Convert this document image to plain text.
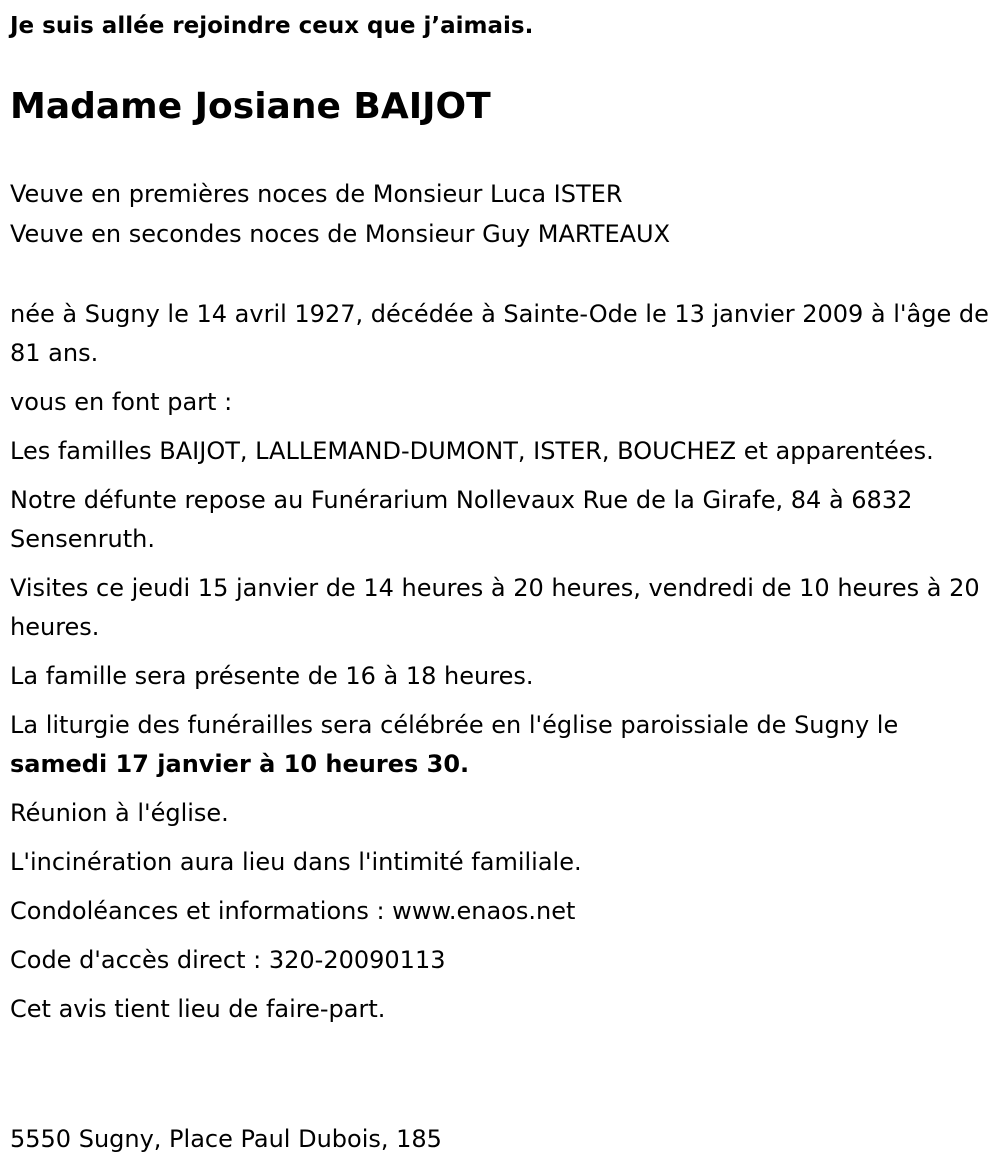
Je suis allée rejoindre ceux que j’aimais.
Madame Josiane BAIJOT
Veuve en premières noces de Monsieur Luca ISTER
Veuve en secondes noces de Monsieur Guy MARTEAUX

née à Sugny le 14 avril 1927, décédée à Sainte-Ode le 13 janvier 2009 à l'âge de 81 ans.

vous en font part :

Les familles BAIJOT, LALLEMAND-DUMONT, ISTER, BOUCHEZ et apparentées.

Notre défunte repose au Funérarium Nollevaux Rue de la Girafe, 84 à 6832 Sensenruth.

Visites ce jeudi 15 janvier de 14 heures à 20 heures, vendredi de 10 heures à 20 heures.

La famille sera présente de 16 à 18 heures.

La liturgie des funérailles sera célébrée en l'église paroissiale de Sugny le samedi 17 janvier à 10 heures 30.

Réunion à l'église.

L'incinération aura lieu dans l'intimité familiale.

Condoléances et informations : www.enaos.net

Code d'accès direct : 320-20090113

Cet avis tient lieu de faire-part.

5550 Sugny, Place Paul Dubois, 185
